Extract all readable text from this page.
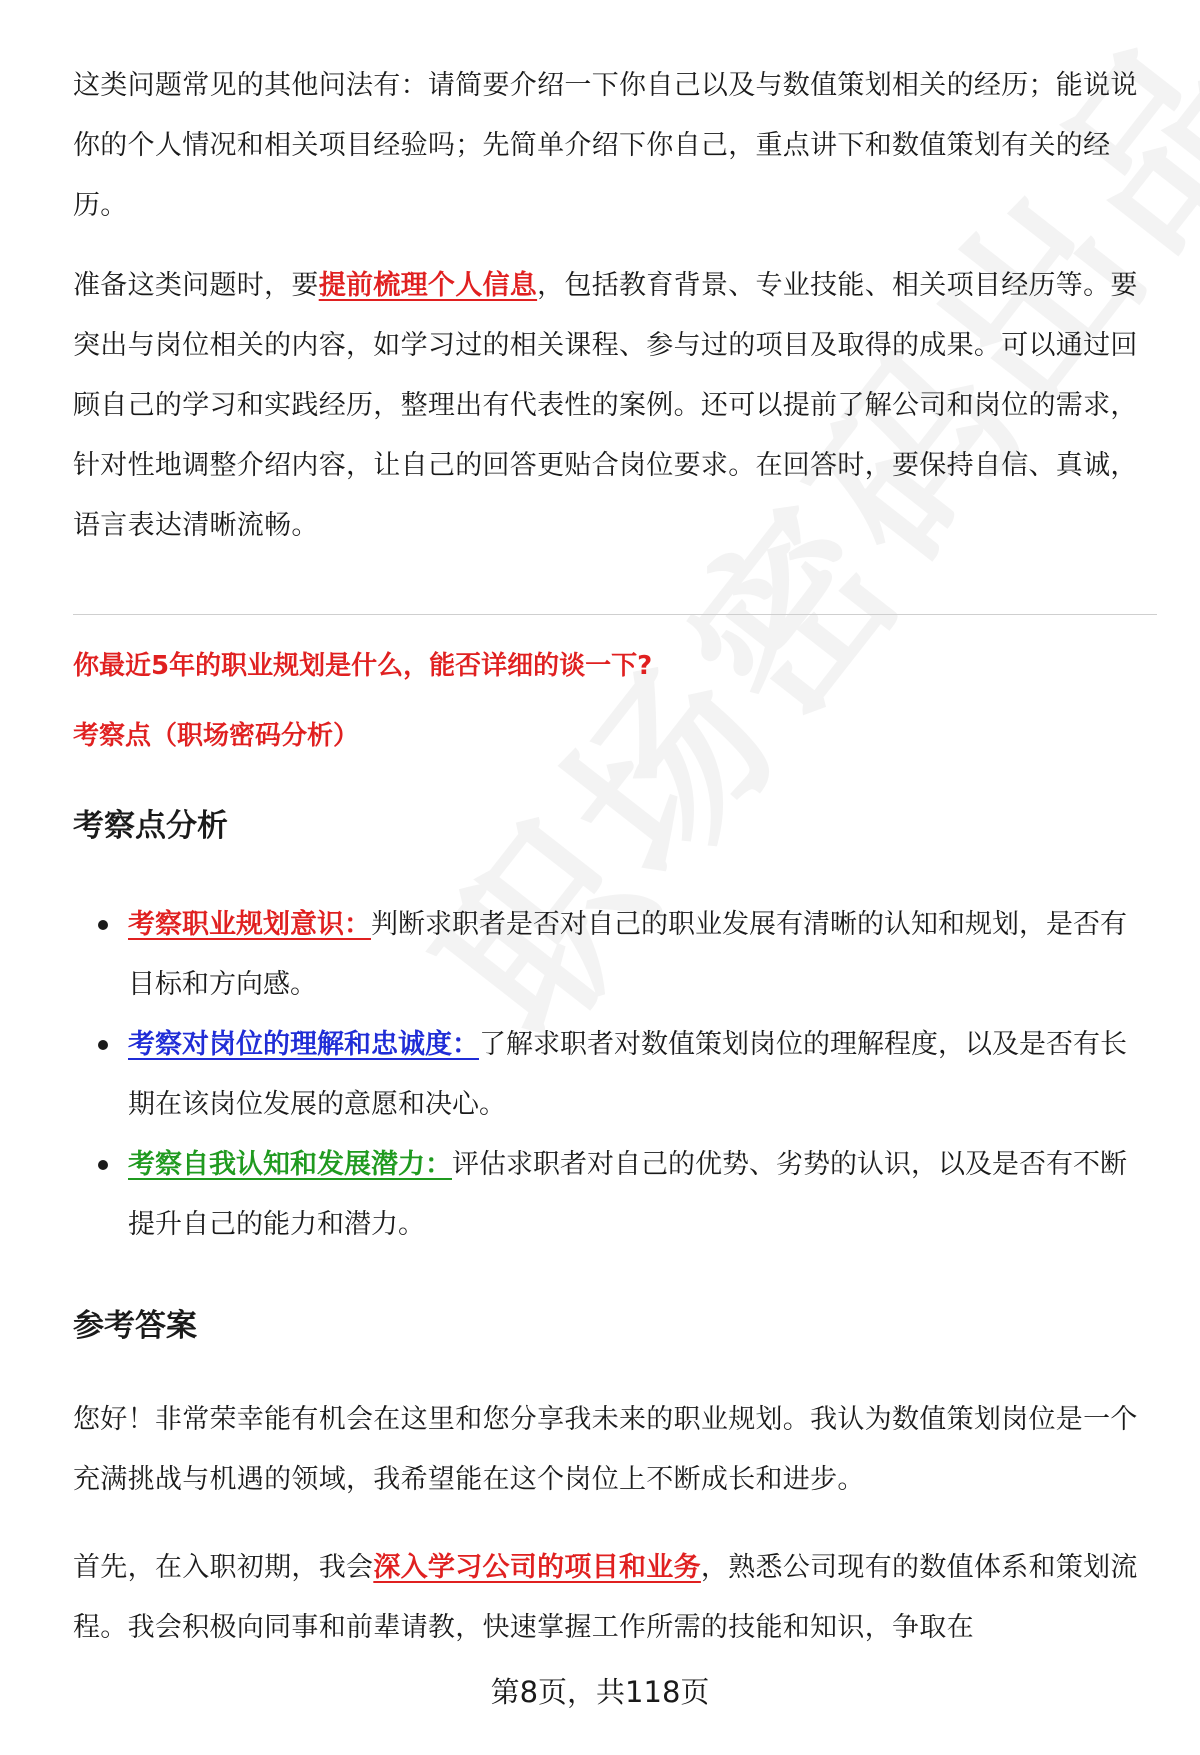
这类问题常见的其他问法有：请简要介绍一下你自己以及与数值策划相关的经历；能说说你的个人情况和相关项目经验吗；先简单介绍下你自己，重点讲下和数值策划有关的经历。

准备这类问题时，要提前梳理个人信息，包括教育背景、专业技能、相关项目经历等。要突出与岗位相关的内容，如学习过的相关课程、参与过的项目及取得的成果。可以通过回顾自己的学习和实践经历，整理出有代表性的案例。还可以提前了解公司和岗位的需求，针对性地调整介绍内容，让自己的回答更贴合岗位要求。在回答时，要保持自信、真诚，语言表达清晰流畅。

你最近5年的职业规划是什么，能否详细的谈一下?
考察点（职场密码分析）
考察点分析
考察职业规划意识：判断求职者是否对自己的职业发展有清晰的认知和规划，是否有目标和方向感。
考察对岗位的理解和忠诚度：了解求职者对数值策划岗位的理解程度，以及是否有长期在该岗位发展的意愿和决心。
考察自我认知和发展潜力：评估求职者对自己的优势、劣势的认识，以及是否有不断提升自己的能力和潜力。
参考答案

您好！非常荣幸能有机会在这里和您分享我未来的职业规划。我认为数值策划岗位是一个充满挑战与机遇的领域，我希望能在这个岗位上不断成长和进步。

首先，在入职初期，我会深入学习公司的项目和业务，熟悉公司现有的数值体系和策划流程。我会积极向同事和前辈请教，快速掌握工作所需的技能和知识，争取在

第8页，共118页
